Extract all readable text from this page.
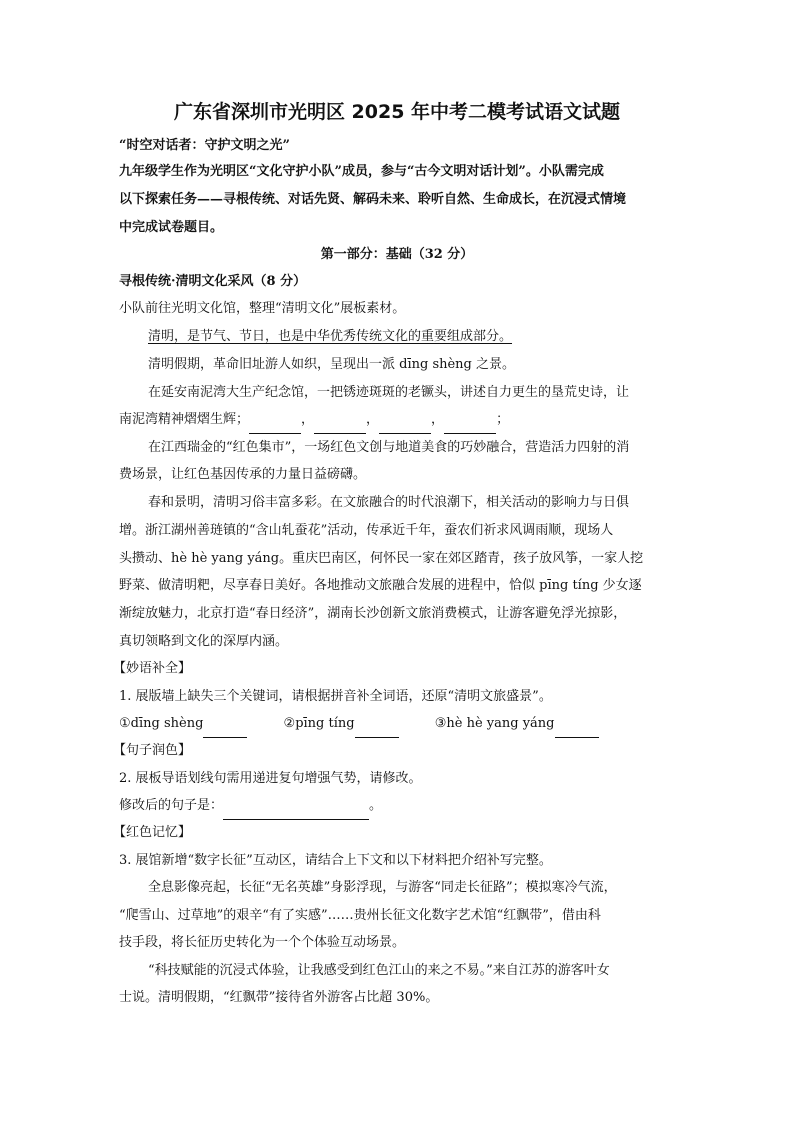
广东省深圳市光明区 2025 年中考二模考试语文试题
“时空对话者：守护文明之光”
九年级学生作为光明区“文化守护小队”成员，参与“古今文明对话计划”。小队需完成
以下探索任务——寻根传统、对话先贤、解码未来、聆听自然、生命成长，在沉浸式情境
中完成试卷题目。
第一部分：基础（32 分）
寻根传统·清明文化采风（8 分）
小队前往光明文化馆，整理“清明文化”展板素材。
清明，是节气、节日，也是中华优秀传统文化的重要组成部分。
清明假期，革命旧址游人如织，呈现出一派 dīng shèng 之景。
在延安南泥湾大生产纪念馆，一把锈迹斑斑的老镢头，讲述自力更生的垦荒史诗，让
南泥湾精神熠熠生辉；	，	，	，	；
在江西瑞金的“红色集市”，一场红色文创与地道美食的巧妙融合，营造活力四射的消
费场景，让红色基因传承的力量日益磅礴。
春和景明，清明习俗丰富多彩。在文旅融合的时代浪潮下，相关活动的影响力与日俱
增。浙江湖州善琏镇的“含山轧蚕花”活动，传承近千年，蚕农们祈求风调雨顺，现场人
头攒动、hè hè yang yáng。重庆巴南区，何怀民一家在郊区踏青，孩子放风筝，一家人挖
野菜、做清明粑，尽享春日美好。各地推动文旅融合发展的进程中，恰似 pīng tíng 少女逐
渐绽放魅力，北京打造“春日经济”，湖南长沙创新文旅消费模式，让游客避免浮光掠影，
真切领略到文化的深厚内涵。
【妙语补全】
1. 展版墙上缺失三个关键词，请根据拼音补全词语，还原“清明文旅盛景”。
①dīng shèng	②pīng tíng	③hè hè yang yáng
【句子润色】
2. 展板导语划线句需用递进复句增强气势，请修改。
修改后的句子是：	。
【红色记忆】
3. 展馆新增“数字长征”互动区，请结合上下文和以下材料把介绍补写完整。
全息影像亮起，长征“无名英雄”身影浮现，与游客“同走长征路”；模拟寒冷气流，
“爬雪山、过草地”的艰辛“有了实感”……贵州长征文化数字艺术馆“红飘带”，借由科
技手段，将长征历史转化为一个个体验互动场景。
“科技赋能的沉浸式体验，让我感受到红色江山的来之不易。”来自江苏的游客叶女
士说。清明假期，“红飘带”接待省外游客占比超 30%。
